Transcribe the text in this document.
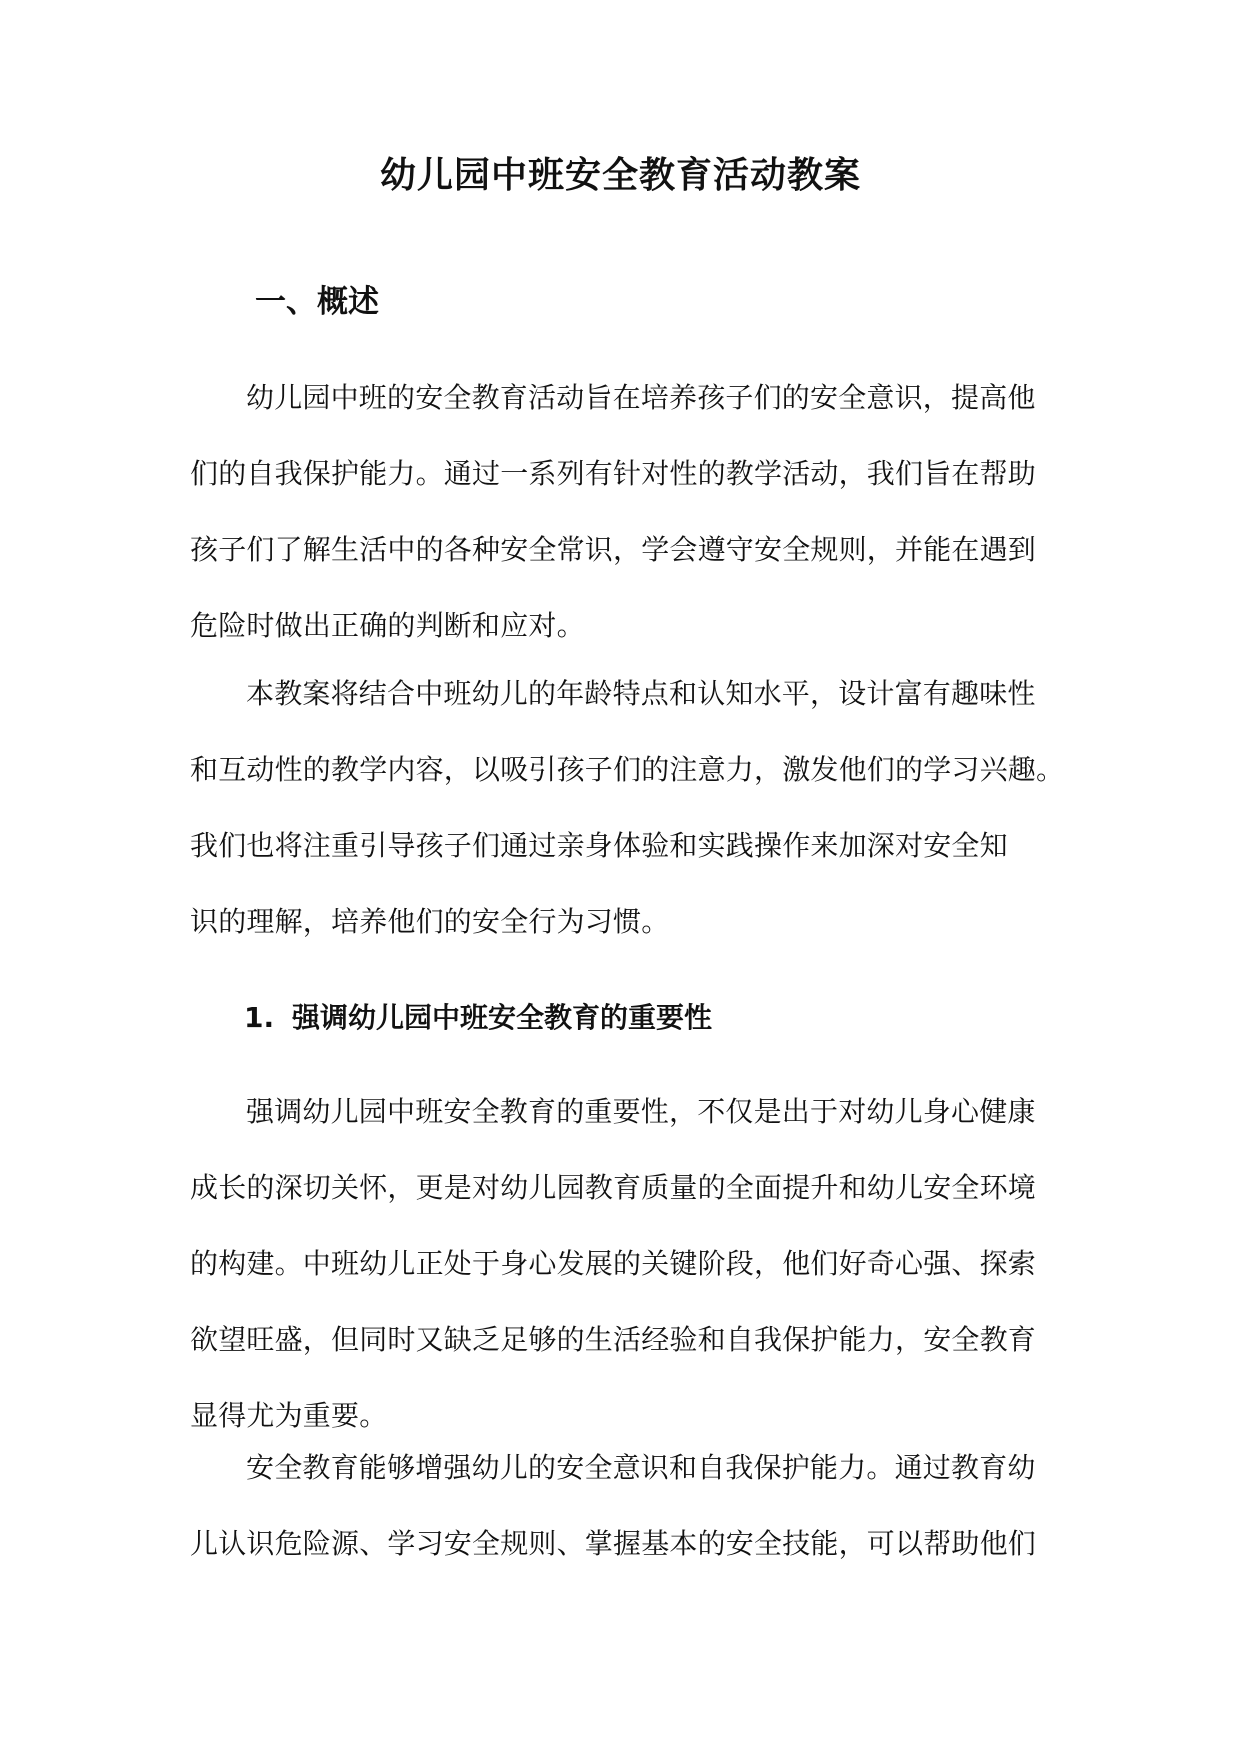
幼儿园中班安全教育活动教案
一、概述

幼儿园中班的安全教育活动旨在培养孩子们的安全意识，提高他
们的自我保护能力。通过一系列有针对性的教学活动，我们旨在帮助
孩子们了解生活中的各种安全常识，学会遵守安全规则，并能在遇到
危险时做出正确的判断和应对。

本教案将结合中班幼儿的年龄特点和认知水平，设计富有趣味性
和互动性的教学内容，以吸引孩子们的注意力，激发他们的学习兴趣。
我们也将注重引导孩子们通过亲身体验和实践操作来加深对安全知
识的理解，培养他们的安全行为习惯。

1. 强调幼儿园中班安全教育的重要性

强调幼儿园中班安全教育的重要性，不仅是出于对幼儿身心健康
成长的深切关怀，更是对幼儿园教育质量的全面提升和幼儿安全环境
的构建。中班幼儿正处于身心发展的关键阶段，他们好奇心强、探索
欲望旺盛，但同时又缺乏足够的生活经验和自我保护能力，安全教育
显得尤为重要。

安全教育能够增强幼儿的安全意识和自我保护能力。通过教育幼
儿认识危险源、学习安全规则、掌握基本的安全技能，可以帮助他们
